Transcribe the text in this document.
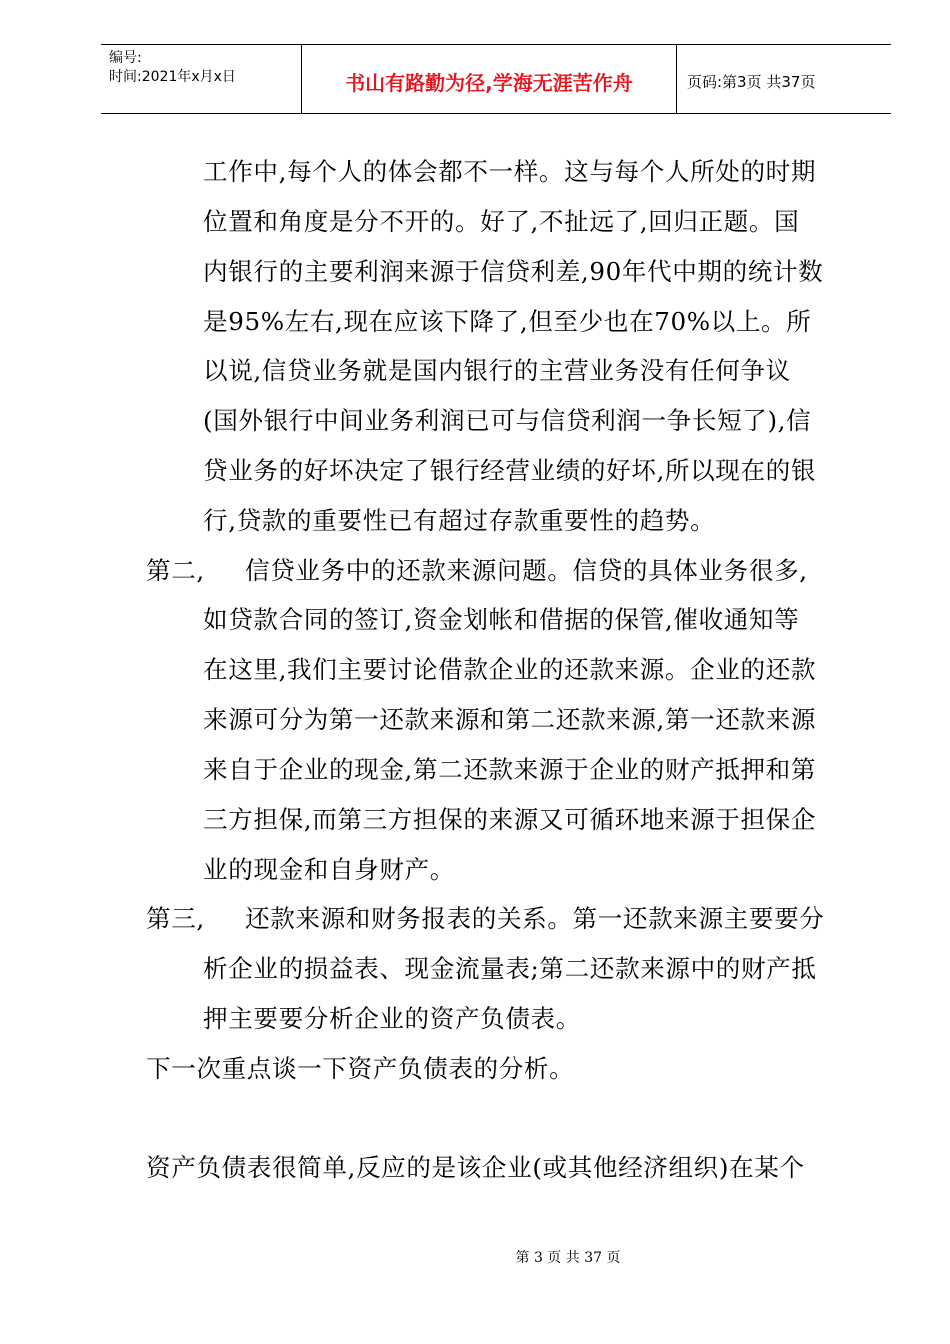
编号:
时间:2021年x月x日	书山有路勤为径,学海无涯苦作舟	页码:第3页 共37页
工作中,每个人的体会都不一样。这与每个人所处的时期
位置和角度是分不开的。好了,不扯远了,回归正题。国
内银行的主要利润来源于信贷利差,90年代中期的统计数
是95%左右,现在应该下降了,但至少也在70%以上。所
以说,信贷业务就是国内银行的主营业务没有任何争议
(国外银行中间业务利润已可与信贷利润一争长短了),信
贷业务的好坏决定了银行经营业绩的好坏,所以现在的银
行,贷款的重要性已有超过存款重要性的趋势。
第二, 信贷业务中的还款来源问题。信贷的具体业务很多,
如贷款合同的签订,资金划帐和借据的保管,催收通知等
在这里,我们主要讨论借款企业的还款来源。企业的还款
来源可分为第一还款来源和第二还款来源,第一还款来源
来自于企业的现金,第二还款来源于企业的财产抵押和第
三方担保,而第三方担保的来源又可循环地来源于担保企
业的现金和自身财产。
第三, 还款来源和财务报表的关系。第一还款来源主要要分
析企业的损益表、现金流量表;第二还款来源中的财产抵
押主要要分析企业的资产负债表。
下一次重点谈一下资产负债表的分析。
资产负债表很简单,反应的是该企业(或其他经济组织)在某个
第 3 页 共 37 页
